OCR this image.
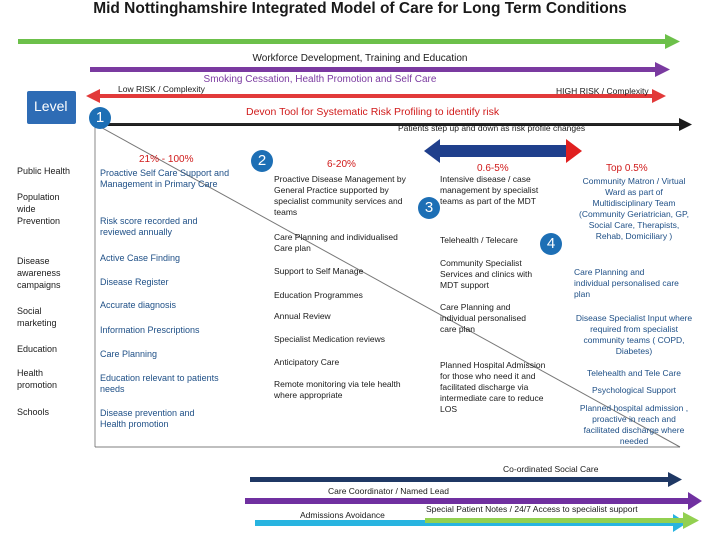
Mid Nottinghamshire Integrated Model of Care for Long Term Conditions
Workforce Development, Training and Education
Smoking Cessation, Health Promotion and Self Care
Low RISK / Complexity	HIGH RISK / Complexity
Devon Tool for Systematic Risk Profiling to identify risk
Patients step up and down as risk profile changes
Level
1
2
3
4
21% - 100%	6-20%	0.6-5%	Top 0.5%
Public Health
Population wide Prevention
Disease awareness campaigns
Social marketing
Education
Health promotion
Schools
Proactive Self Care Support and Management in Primary Care
Risk score recorded and reviewed annually
Active Case Finding
Disease Register
Accurate diagnosis
Information Prescriptions
Care Planning
Education relevant to patients needs
Disease prevention and Health promotion
Proactive Disease Management by General Practice supported by specialist community services and teams
Care Planning and individualised Care plan
Support to Self Manage
Education Programmes
Annual Review
Specialist Medication reviews
Anticipatory Care
Remote monitoring via tele health where appropriate
Intensive disease / case management by specialist teams as part of the MDT
Telehealth / Telecare
Community Specialist Services and clinics with MDT support
Care Planning and individual personalised care plan
Planned Hospital Admission for those who need it and facilitated discharge via intermediate care to reduce LOS
Community Matron / Virtual Ward as part of Multidisciplinary Team (Community Geriatrician, GP, Social Care, Therapists, Rehab, Domiciliary )
Care Planning and individual personalised care plan
Disease Specialist Input where required from specialist community teams ( COPD, Diabetes)
Telehealth and Tele Care
Psychological Support
Planned hospital admission , proactive in reach and facilitated discharge where needed
Co-ordinated Social Care
Care Coordinator / Named Lead
Admissions Avoidance
Special Patient Notes / 24/7 Access to specialist support
